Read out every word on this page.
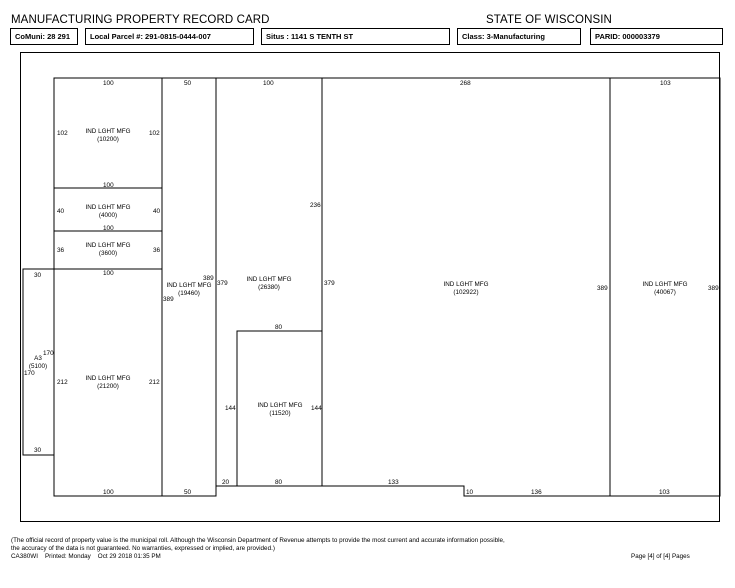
MANUFACTURING PROPERTY RECORD CARD	STATE OF WISCONSIN
CoMuni: 28 291	Local Parcel #: 291-0815-0444-007	Situs : 1141 S TENTH ST	Class: 3-Manufacturing	PARID: 000003379
IND LGHT MFG
(10200)
IND LGHT MFG
(4000)
IND LGHT MFG
(3600)
IND LGHT MFG
(21200)
A3
(5100)
IND LGHT MFG
(19460)
IND LGHT MFG
(26380)
IND LGHT MFG
(11520)
IND LGHT MFG
(102922)
IND LGHT MFG
(40067)
100	50	100	268	103
102	102
100
40	40
100
36	36
100
212	212
30
170
170
30
389
389
379	379
236
80
144	144
20	80	133
10	136
389	389
100	50	103
(The official record of property value is the municipal roll. Although the Wisconsin Department of Revenue attempts to provide the most current and accurate information possible,
the accuracy of the data is not guaranteed. No warranties, expressed or implied, are provided.)
CA380WI    Printed: Monday    Oct 29 2018 01:35 PM	Page [4] of [4] Pages
